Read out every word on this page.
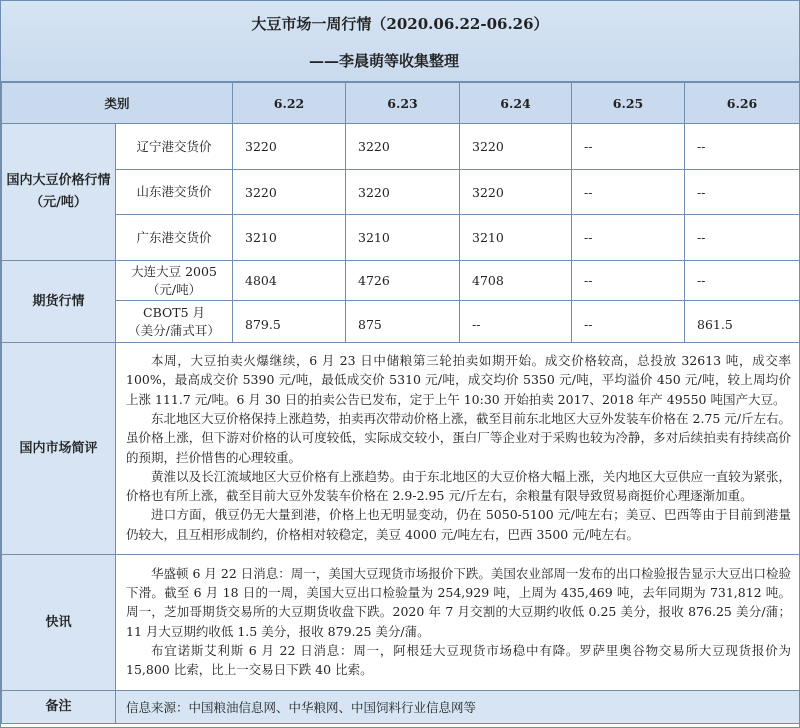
大豆市场一周行情（2020.06.22-06.26）
——李晨萌等收集整理
类别		6.22	6.23	6.24	6.25	6.26
国内大豆价格行情（元/吨）	辽宁港交货价	3220	3220	3220	--	--
	山东港交货价	3220	3220	3220	--	--
	广东港交货价	3210	3210	3210	--	--
期货行情	大连大豆 2005
（元/吨）	4804	4726	4708	--	--

	CBOT5 月
（美分/蒲式耳）	879.5	875	--	--	861.5
国内市场简评	本周，大豆拍卖火爆继续，6 月 23 日中储粮第三轮拍卖如期开始。成交价格较高，总投放 32613 吨，成交率 100%，最高成交价 5390 元/吨，最低成交价 5310 元/吨，成交均价 5350 元/吨，平均溢价 450 元/吨，较上周均价上涨 111.7 元/吨。6 月 30 日的拍卖公告已发布，定于上午 10:30 开始拍卖 2017、2018 年产 49550 吨国产大豆。

东北地区大豆价格保持上涨趋势，拍卖再次带动价格上涨，截至目前东北地区大豆外发装车价格在 2.75 元/斤左右。虽价格上涨，但下游对价格的认可度较低，实际成交较小，蛋白厂等企业对于采购也较为冷静，多对后续拍卖有持续高价的预期，拦价惜售的心理较重。

黄淮以及长江流域地区大豆价格有上涨趋势。由于东北地区的大豆价格大幅上涨，关内地区大豆供应一直较为紧张，价格也有所上涨，截至目前大豆外发装车价格在 2.9-2.95 元/斤左右，余粮量有限导致贸易商挺价心理逐渐加重。

进口方面，俄豆仍无大量到港，价格上也无明显变动，仍在 5050-5100 元/吨左右；美豆、巴西等由于目前到港量仍较大，且互相形成制约，价格相对较稳定，美豆 4000 元/吨左右，巴西 3500 元/吨左右。					

快讯	华盛顿 6 月 22 日消息：周一，美国大豆现货市场报价下跌。美国农业部周一发布的出口检验报告显示大豆出口检验下滑。截至 6 月 18 日的一周，美国大豆出口检验量为 254,929 吨，上周为 435,469 吨，去年同期为 731,812 吨。周一，芝加哥期货交易所的大豆期货收盘下跌。2020 年 7 月交割的大豆期约收低 0.25 美分，报收 876.25 美分/蒲；11 月大豆期约收低 1.5 美分，报收 879.25 美分/蒲。

布宜诺斯艾利斯 6 月 22 日消息：周一，阿根廷大豆现货市场稳中有降。罗萨里奥谷物交易所大豆现货报价为 15,800 比索，比上一交易日下跌 40 比索。					

备注	信息来源：中国粮油信息网、中华粮网、中国饲料行业信息网等					
